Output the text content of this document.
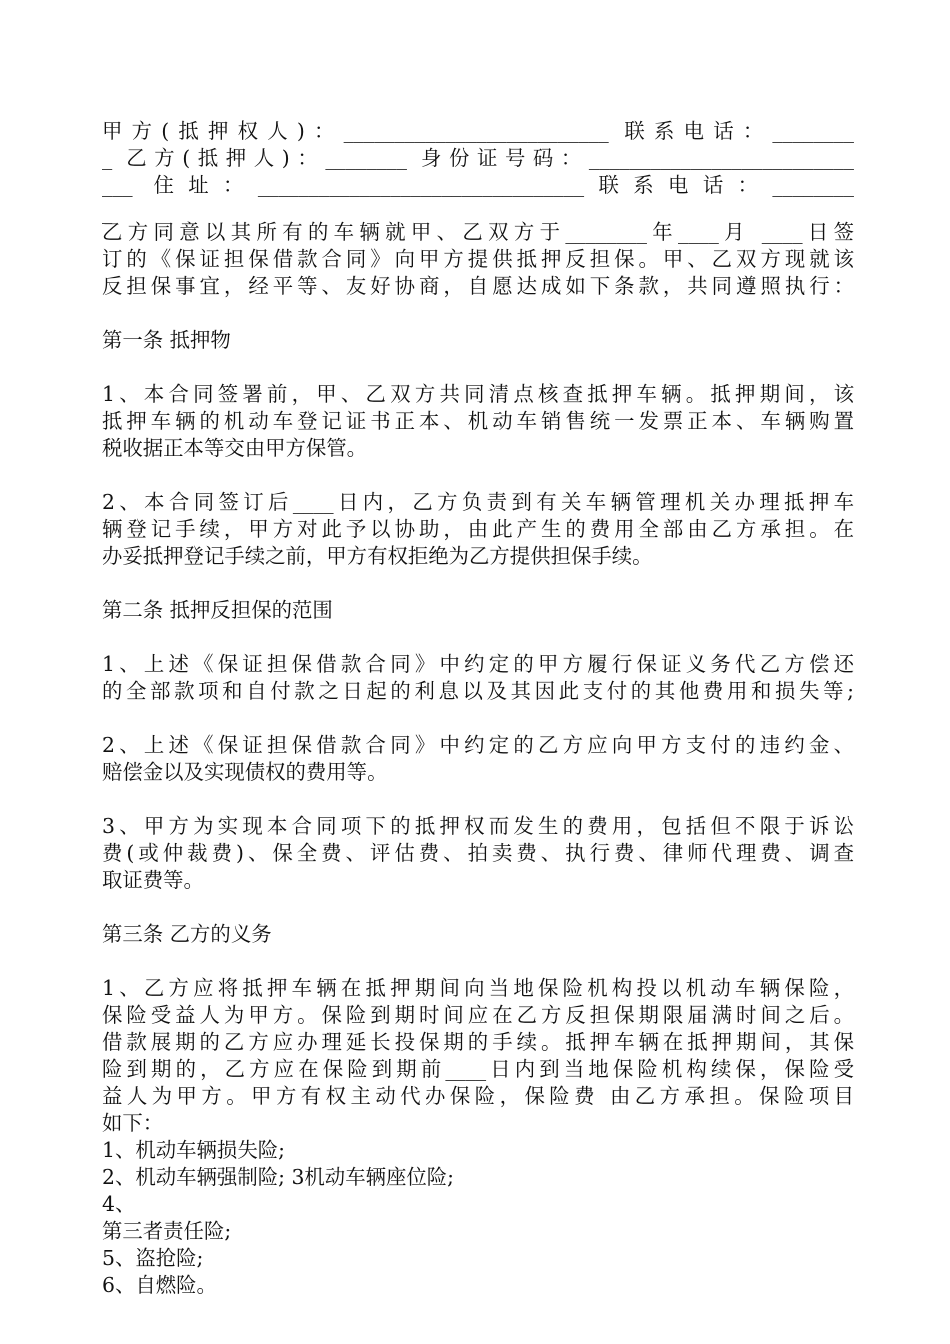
甲方(抵押权人)：__________________________ 联系电话：________
_ 乙方(抵押人)：________ 身份证号码：__________________________
___ 住址：________________________________联系电话：________
_
乙方同意以其所有的车辆就甲、乙双方于________年____月 ____日签
订的《保证担保借款合同》向甲方提供抵押反担保。甲、乙双方现就该
反担保事宜，经平等、友好协商，自愿达成如下条款，共同遵照执行：
第一条 抵押物
1、本合同签署前，甲、乙双方共同清点核查抵押车辆。抵押期间，该
抵押车辆的机动车登记证书正本、机动车销售统一发票正本、车辆购置
税收据正本等交由甲方保管。
2、本合同签订后____日内，乙方负责到有关车辆管理机关办理抵押车
辆登记手续，甲方对此予以协助，由此产生的费用全部由乙方承担。在
办妥抵押登记手续之前，甲方有权拒绝为乙方提供担保手续。
第二条 抵押反担保的范围
1、上述《保证担保借款合同》中约定的甲方履行保证义务代乙方偿还
的全部款项和自付款之日起的利息以及其因此支付的其他费用和损失等;
2、上述《保证担保借款合同》中约定的乙方应向甲方支付的违约金、
赔偿金以及实现债权的费用等。
3、甲方为实现本合同项下的抵押权而发生的费用，包括但不限于诉讼
费(或仲裁费)、保全费、评估费、拍卖费、执行费、律师代理费、调查
取证费等。
第三条 乙方的义务
1、乙方应将抵押车辆在抵押期间向当地保险机构投以机动车辆保险，
保险受益人为甲方。保险到期时间应在乙方反担保期限届满时间之后。
借款展期的乙方应办理延长投保期的手续。抵押车辆在抵押期间，其保
险到期的，乙方应在保险到期前____日内到当地保险机构续保，保险受
益人为甲方。甲方有权主动代办保险，保险费 由乙方承担。保险项目
如下：
1、机动车辆损失险;
2、机动车辆强制险; 3机动车辆座位险;
4、
第三者责任险;
5、盗抢险;
6、自燃险。
